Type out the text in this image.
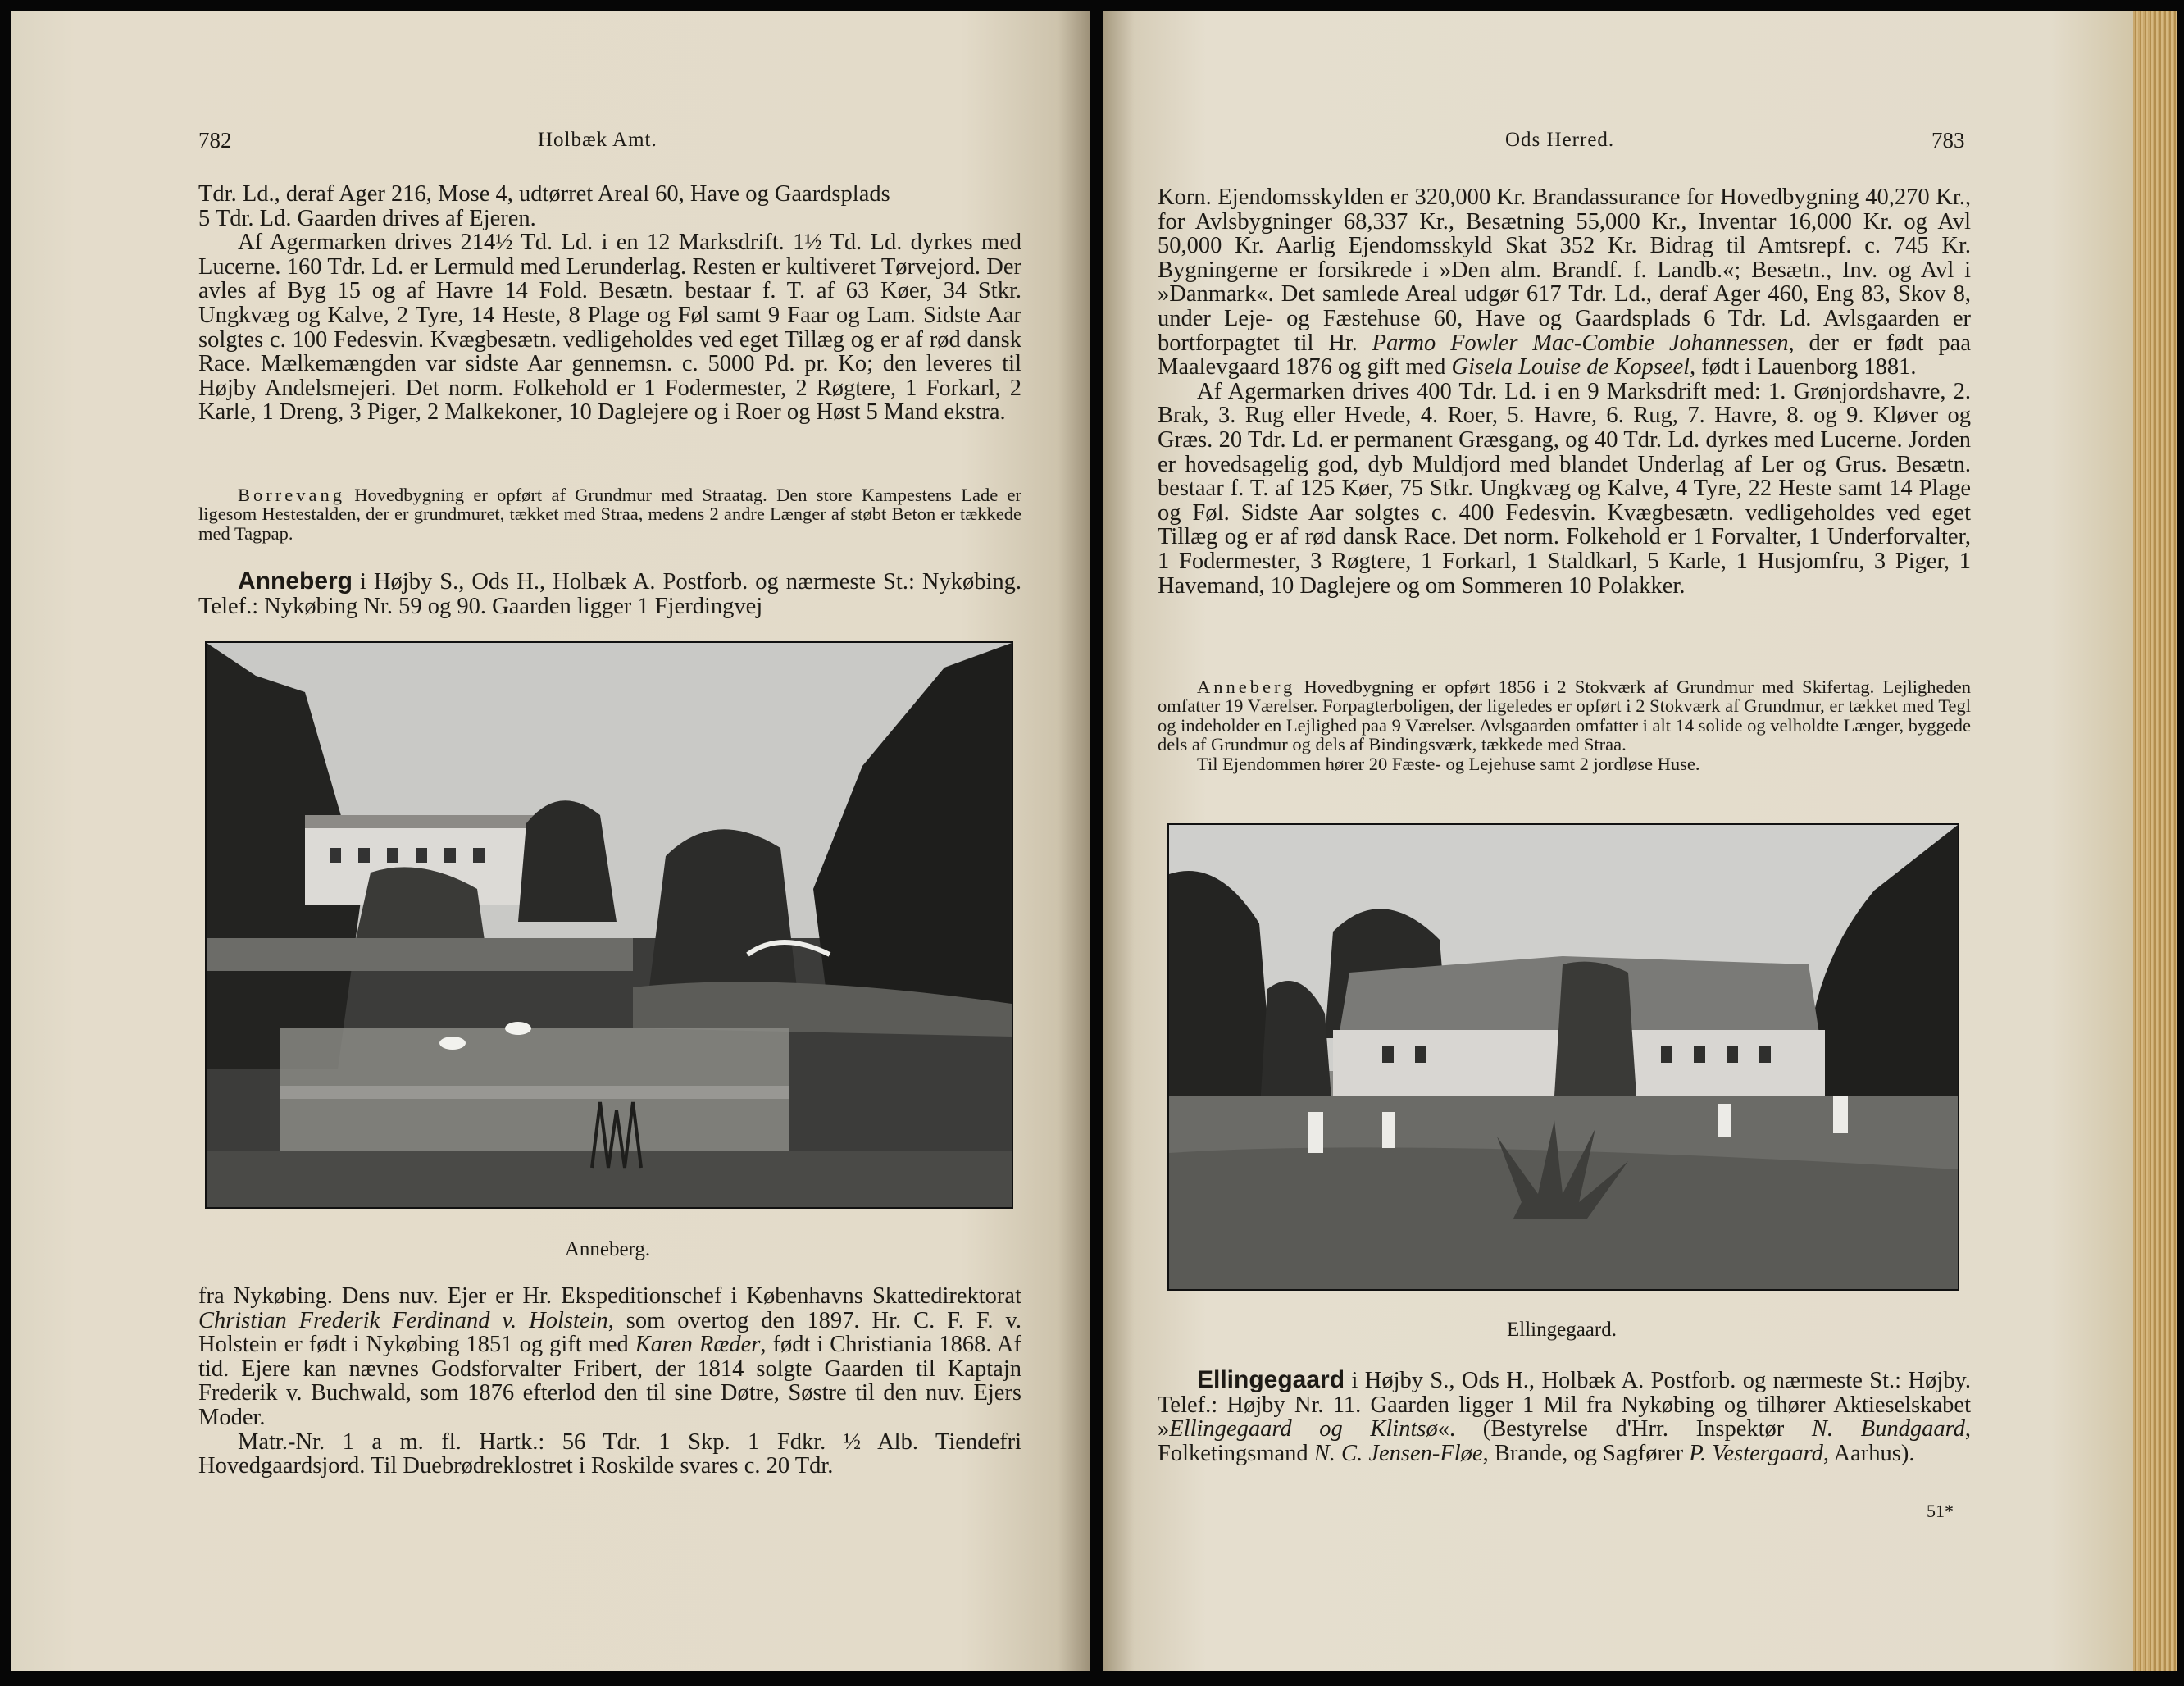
782	Holbæk Amt.

Tdr. Ld., deraf Ager 216, Mose 4, udtørret Areal 60, Have og Gaardsplads

5 Tdr. Ld. Gaarden drives af Ejeren.

Af Agermarken drives 214½ Td. Ld. i en 12 Marksdrift. 1½ Td. Ld. dyrkes med Lucerne. 160 Tdr. Ld. er Lermuld med Lerunderlag. Resten er kultiveret Tørvejord. Der avles af Byg 15 og af Havre 14 Fold. Besætn. bestaar f. T. af 63 Køer, 34 Stkr. Ungkvæg og Kalve, 2 Tyre, 14 Heste, 8 Plage og Føl samt 9 Faar og Lam. Sidste Aar solgtes c. 100 Fedesvin. Kvægbesætn. vedligeholdes ved eget Tillæg og er af rød dansk Race. Mælkemængden var sidste Aar gennemsn. c. 5000 Pd. pr. Ko; den leveres til Højby Andelsmejeri. Det norm. Folkehold er 1 Fodermester, 2 Røgtere, 1 Forkarl, 2 Karle, 1 Dreng, 3 Piger, 2 Malkekoner, 10 Daglejere og i Roer og Høst 5 Mand ekstra.

Borrevang Hovedbygning er opført af Grundmur med Straatag. Den store Kampestens Lade er ligesom Hestestalden, der er grundmuret, tækket med Straa, medens 2 andre Længer af støbt Beton er tækkede med Tagpap.

Anneberg i Højby S., Ods H., Holbæk A. Postforb. og nærmeste St.: Nykøbing. Telef.: Nykøbing Nr. 59 og 90. Gaarden ligger 1 Fjerdingvej

Anneberg.

fra Nykøbing. Dens nuv. Ejer er Hr. Ekspeditionschef i Københavns Skattedirektorat Christian Frederik Ferdinand v. Holstein, som overtog den 1897. Hr. C. F. F. v. Holstein er født i Nykøbing 1851 og gift med Karen Ræder, født i Christiania 1868. Af tid. Ejere kan nævnes Godsforvalter Fribert, der 1814 solgte Gaarden til Kaptajn Frederik v. Buchwald, som 1876 efterlod den til sine Døtre, Søstre til den nuv. Ejers Moder.

Matr.-Nr. 1 a m. fl. Hartk.: 56 Tdr. 1 Skp. 1 Fdkr. ½ Alb. Tiendefri Hovedgaardsjord. Til Duebrødreklostret i Roskilde svares c. 20 Tdr.

Ods Herred.	783

Korn. Ejendomsskylden er 320,000 Kr. Brandassurance for Hovedbygning 40,270 Kr., for Avlsbygninger 68,337 Kr., Besætning 55,000 Kr., Inventar 16,000 Kr. og Avl 50,000 Kr. Aarlig Ejendomsskyld Skat 352 Kr. Bidrag til Amtsrepf. c. 745 Kr. Bygningerne er forsikrede i »Den alm. Brandf. f. Landb.«; Besætn., Inv. og Avl i »Danmark«. Det samlede Areal udgør 617 Tdr. Ld., deraf Ager 460, Eng 83, Skov 8, under Leje- og Fæstehuse 60, Have og Gaardsplads 6 Tdr. Ld. Avlsgaarden er bortforpagtet til Hr. Parmo Fowler Mac-Combie Johannessen, der er født paa Maalevgaard 1876 og gift med Gisela Louise de Kopseel, født i Lauenborg 1881.

Af Agermarken drives 400 Tdr. Ld. i en 9 Marksdrift med: 1. Grønjordshavre, 2. Brak, 3. Rug eller Hvede, 4. Roer, 5. Havre, 6. Rug, 7. Havre, 8. og 9. Kløver og Græs. 20 Tdr. Ld. er permanent Græsgang, og 40 Tdr. Ld. dyrkes med Lucerne. Jorden er hovedsagelig god, dyb Muldjord med blandet Underlag af Ler og Grus. Besætn. bestaar f. T. af 125 Køer, 75 Stkr. Ungkvæg og Kalve, 4 Tyre, 22 Heste samt 14 Plage og Føl. Sidste Aar solgtes c. 400 Fedesvin. Kvægbesætn. vedligeholdes ved eget Tillæg og er af rød dansk Race. Det norm. Folkehold er 1 Forvalter, 1 Underforvalter, 1 Fodermester, 3 Røgtere, 1 Forkarl, 1 Staldkarl, 5 Karle, 1 Husjomfru, 3 Piger, 1 Havemand, 10 Daglejere og om Sommeren 10 Polakker.

Anneberg Hovedbygning er opført 1856 i 2 Stokværk af Grundmur med Skifertag. Lejligheden omfatter 19 Værelser. Forpagterboligen, der ligeledes er opført i 2 Stokværk af Grundmur, er tækket med Tegl og indeholder en Lejlighed paa 9 Værelser. Avlsgaarden omfatter i alt 14 solide og velholdte Længer, byggede dels af Grundmur og dels af Bindingsværk, tækkede med Straa.

Til Ejendommen hører 20 Fæste- og Lejehuse samt 2 jordløse Huse.

Ellingegaard.

Ellingegaard i Højby S., Ods H., Holbæk A. Postforb. og nærmeste St.: Højby. Telef.: Højby Nr. 11. Gaarden ligger 1 Mil fra Nykøbing og tilhører Aktieselskabet »Ellingegaard og Klintsø«. (Bestyrelse d'Hrr. Inspektør N. Bundgaard, Folketingsmand N. C. Jensen-Fløe, Brande, og Sagfører P. Vestergaard, Aarhus).

51*
